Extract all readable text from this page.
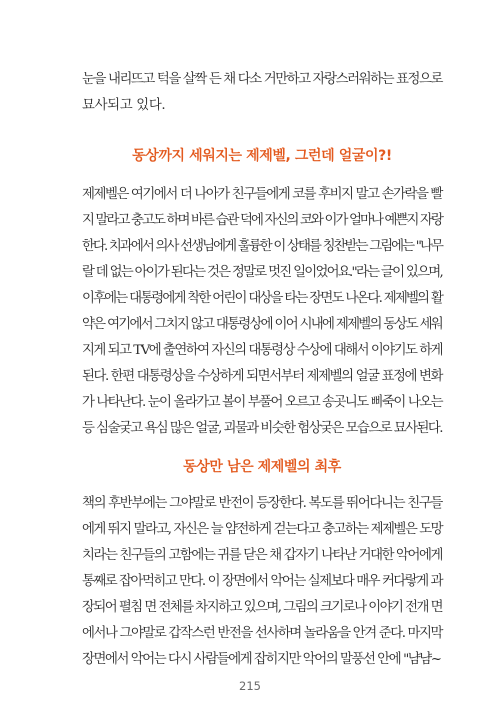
눈을 내리뜨고 턱을 살짝 든 채 다소 거만하고 자랑스러워하는 표정으로
묘사되고 있다.
동상까지 세워지는 제제벨, 그런데 얼굴이?!
제제벨은 여기에서 더 나아가 친구들에게 코를 후비지 말고 손가락을 빨
지 말라고 충고도 하며 바른 습관 덕에 자신의 코와 이가 얼마나 예쁜지 자랑
한다. 치과에서 의사 선생님에게 훌륭한 이 상태를 칭찬받는 그림에는 "나무
랄 데 없는 아이가 된다는 것은 정말로 멋진 일이었어요."라는 글이 있으며,
이후에는 대통령에게 착한 어린이 대상을 타는 장면도 나온다. 제제벨의 활
약은 여기에서 그치지 않고 대통령상에 이어 시내에 제제벨의 동상도 세워
지게 되고 TV에 출연하여 자신의 대통령상 수상에 대해서 이야기도 하게
된다. 한편 대통령상을 수상하게 되면서부터 제제벨의 얼굴 표정에 변화
가 나타난다. 눈이 올라가고 볼이 부풀어 오르고 송곳니도 삐죽이 나오는
등 심술궂고 욕심 많은 얼굴, 괴물과 비슷한 험상궂은 모습으로 묘사된다.
동상만 남은 제제벨의 최후
책의 후반부에는 그야말로 반전이 등장한다. 복도를 뛰어다니는 친구들
에게 뛰지 말라고, 자신은 늘 얌전하게 걷는다고 충고하는 제제벨은 도망
치라는 친구들의 고함에는 귀를 닫은 채 갑자기 나타난 거대한 악어에게
통째로 잡아먹히고 만다. 이 장면에서 악어는 실제보다 매우 커다랗게 과
장되어 펼침 면 전체를 차지하고 있으며, 그림의 크기로나 이야기 전개 면
에서나 그야말로 갑작스런 반전을 선사하며 놀라움을 안겨 준다. 마지막
장면에서 악어는 다시 사람들에게 잡히지만 악어의 말풍선 안에 "냠냠~
215
